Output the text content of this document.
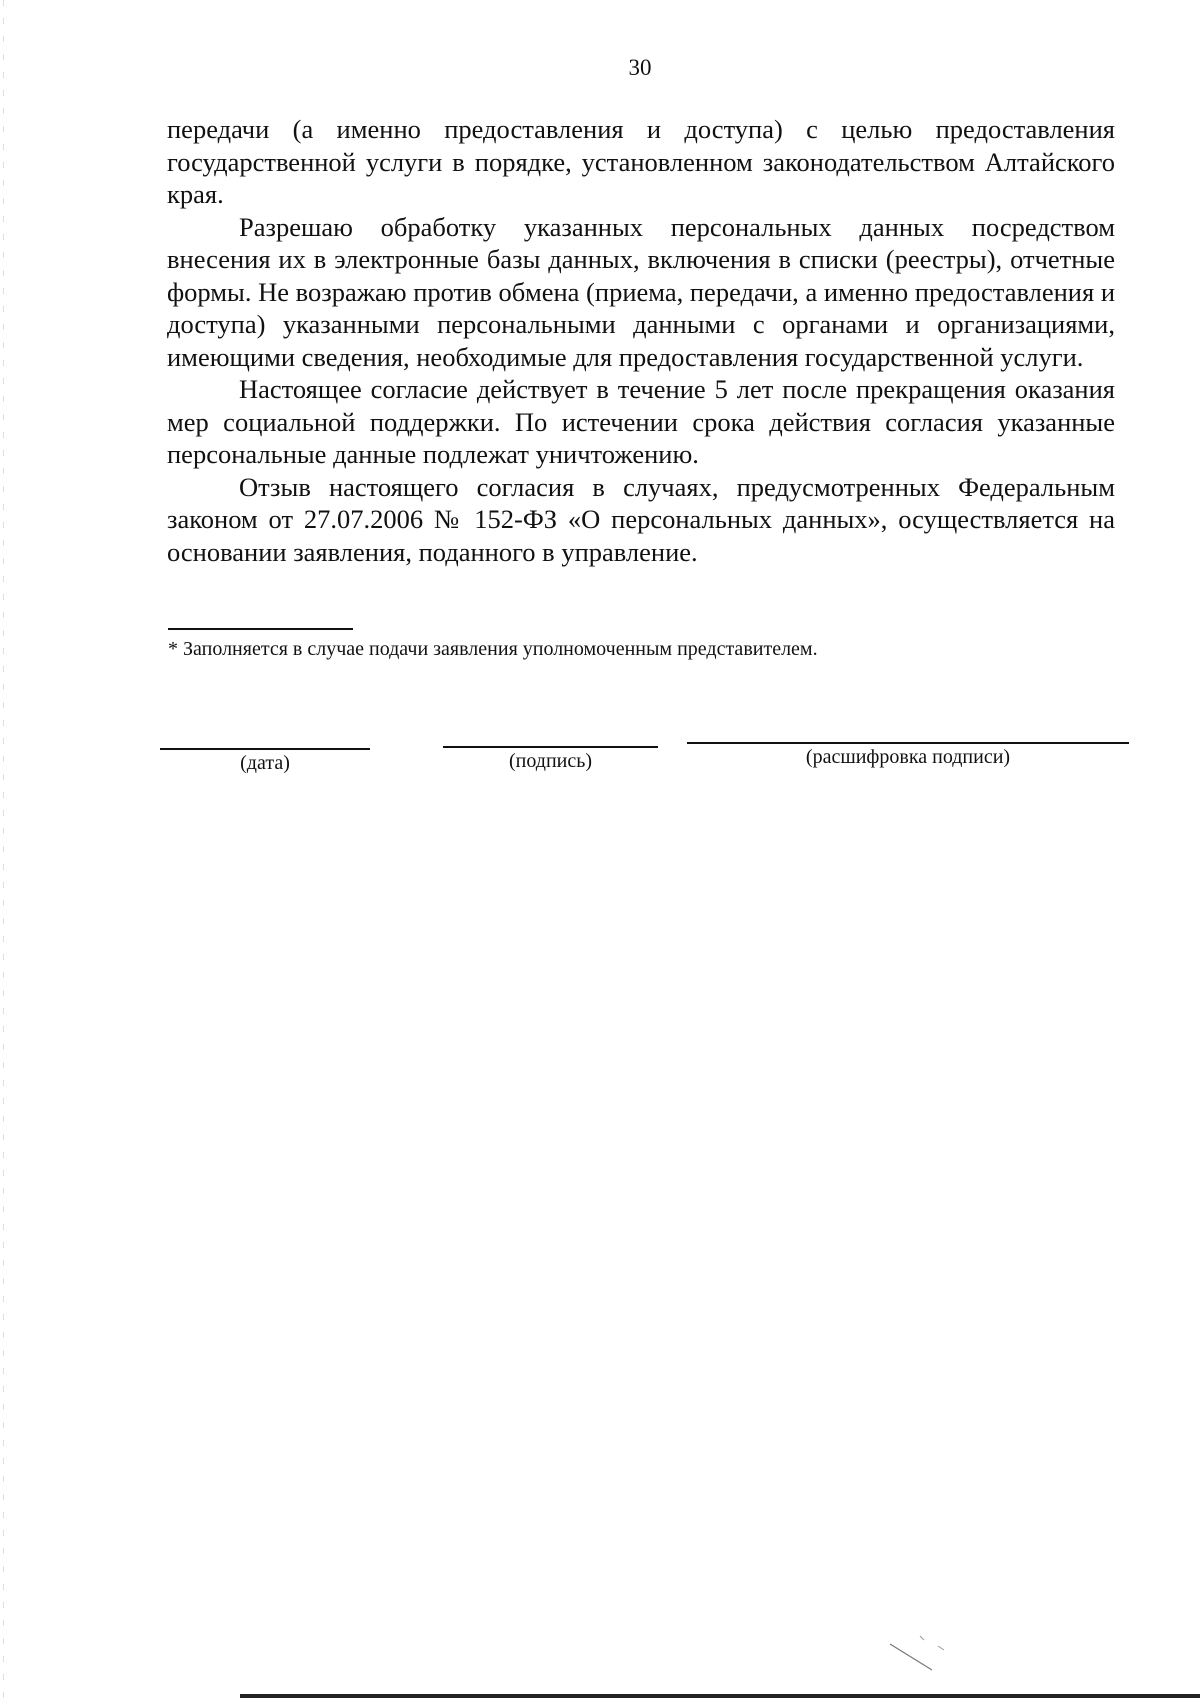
30

передачи (а именно предоставления и доступа) с целью предоставления государственной услуги в порядке, установленном законодательством Алтайского края.

Разрешаю обработку указанных персональных данных посредством внесения их в электронные базы данных, включения в списки (реестры), отчетные формы. Не возражаю против обмена (приема, передачи, а именно предоставления и доступа) указанными персональными данными с органами и организациями, имеющими сведения, необходимые для предоставления государственной услуги.

Настоящее согласие действует в течение 5 лет после прекращения оказания мер социальной поддержки. По истечении срока действия согласия указанные персональные данные подлежат уничтожению.

Отзыв настоящего согласия в случаях, предусмотренных Федеральным законом от 27.07.2006 № 152-ФЗ «О персональных данных», осуществляется на основании заявления, поданного в управление.

* Заполняется в случае подачи заявления уполномоченным представителем.
(дата)	(подпись)	(расшифровка подписи)
